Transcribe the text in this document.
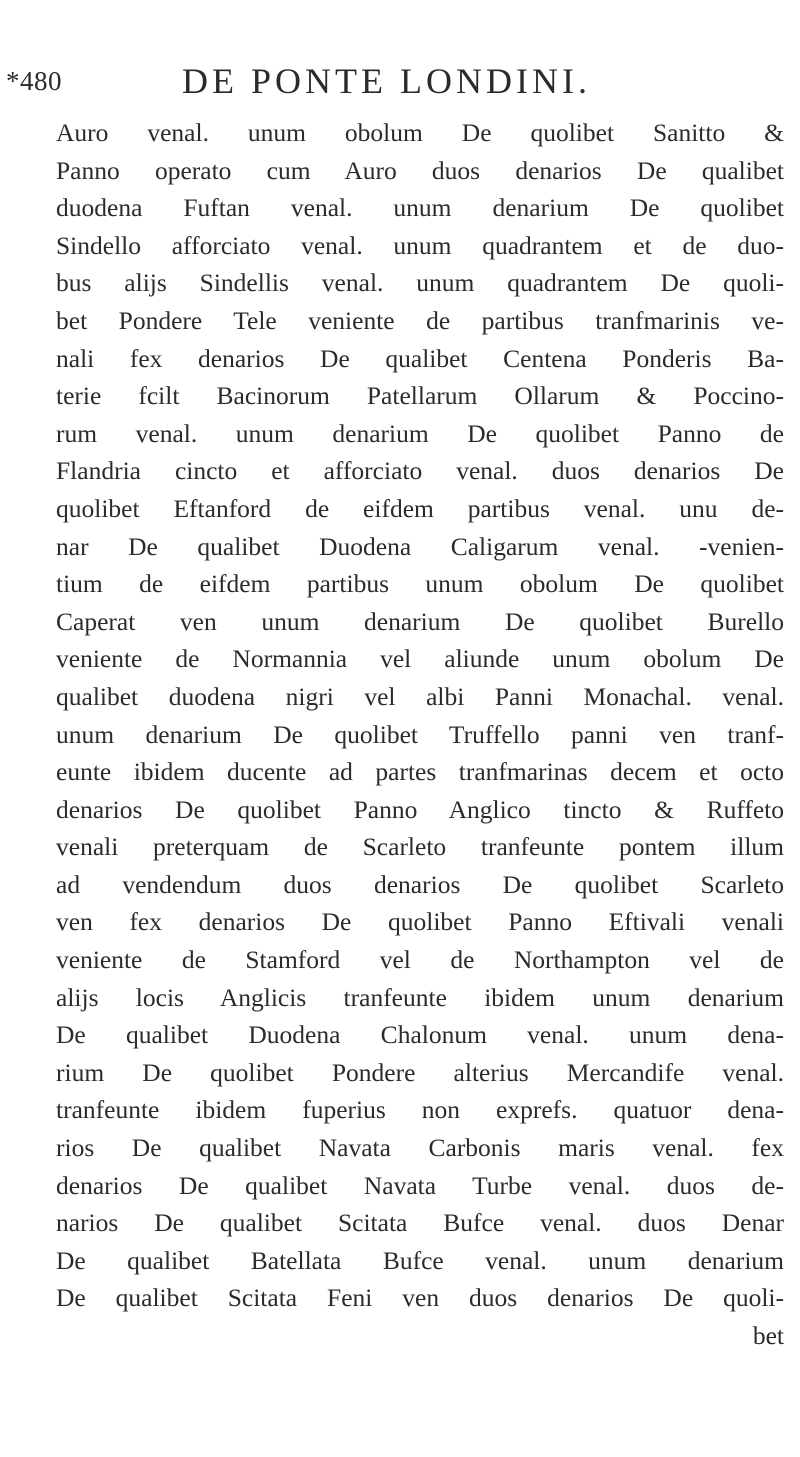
*480	DE PONTE LONDINI.
Auro venal. unum obolum De quolibet Sanitto &
Panno operato cum Auro duos denarios De qualibet
duodena Fuftan venal. unum denarium De quolibet
Sindello afforciato venal. unum quadrantem et de duo-
bus alijs Sindellis venal. unum quadrantem De quoli-
bet Pondere Tele veniente de partibus tranfmarinis ve-
nali fex denarios De qualibet Centena Ponderis Ba-
terie fcilt Bacinorum Patellarum Ollarum & Poccino-
rum venal. unum denarium De quolibet Panno de
Flandria cincto et afforciato venal. duos denarios De
quolibet Eftanford de eifdem partibus venal. unu de-
nar De qualibet Duodena Caligarum venal. -venien-
tium de eifdem partibus unum obolum De quolibet
Caperat ven unum denarium De quolibet Burello
veniente de Normannia vel aliunde unum obolum De
qualibet duodena nigri vel albi Panni Monachal. venal.
unum denarium De quolibet Truffello panni ven tranf-
eunte ibidem ducente ad partes tranfmarinas decem et octo
denarios De quolibet Panno Anglico tincto & Ruffeto
venali preterquam de Scarleto tranfeunte pontem illum
ad vendendum duos denarios De quolibet Scarleto
ven fex denarios De quolibet Panno Eftivali venali
veniente de Stamford vel de Northampton vel de
alijs locis Anglicis tranfeunte ibidem unum denarium
De qualibet Duodena Chalonum venal. unum dena-
rium De quolibet Pondere alterius Mercandife venal.
tranfeunte ibidem fuperius non exprefs. quatuor dena-
rios De qualibet Navata Carbonis maris venal. fex
denarios De qualibet Navata Turbe venal. duos de-
narios De qualibet Scitata Bufce venal. duos Denar
De qualibet Batellata Bufce venal. unum denarium
De qualibet Scitata Feni ven duos denarios De quoli-
bet
